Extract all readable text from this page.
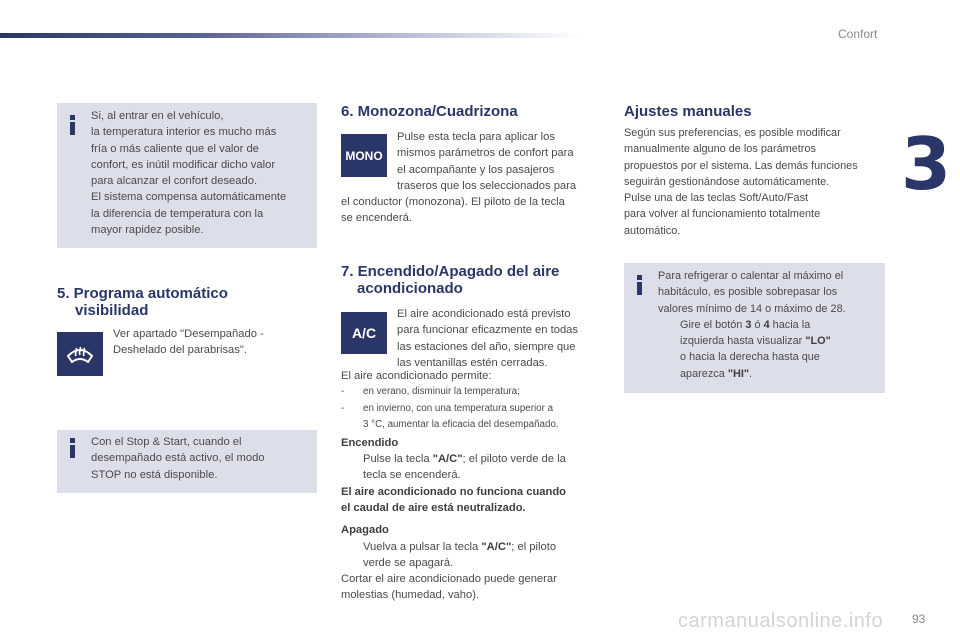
Confort
3

Si, al entrar en el vehículo,

la temperatura interior es mucho más

fría o más caliente que el valor de

confort, es inútil modificar dicho valor

para alcanzar el confort deseado.

El sistema compensa automáticamente

la diferencia de temperatura con la

mayor rapidez posible.

5. Programa automático
visibilidad

Ver apartado "Desempañado -

Deshelado del parabrisas".

Con el Stop & Start, cuando el

desempañado está activo, el modo

STOP no está disponible.

6. Monozona/Cuadrizona
MONO

Pulse esta tecla para aplicar los

mismos parámetros de confort para

el acompañante y los pasajeros

traseros que los seleccionados para

el conductor (monozona). El piloto de la tecla

se encenderá.

7. Encendido/Apagado del aire
acondicionado
A/C

El aire acondicionado está previsto

para funcionar eficazmente en todas

las estaciones del año, siempre que

las ventanillas estén cerradas.

El aire acondicionado permite:

- en verano, disminuir la temperatura;

- en invierno, con una temperatura superior a

3 °C, aumentar la eficacia del desempañado.

Encendido

Pulse la tecla "A/C"; el piloto verde de la

tecla se encenderá.

El aire acondicionado no funciona cuando

el caudal de aire está neutralizado.

Apagado

Vuelva a pulsar la tecla "A/C"; el piloto

verde se apagará.

Cortar el aire acondicionado puede generar

molestias (humedad, vaho).

Ajustes manuales

Según sus preferencias, es posible modificar

manualmente alguno de los parámetros

propuestos por el sistema. Las demás funciones

seguirán gestionándose automáticamente.

Pulse una de las teclas Soft/Auto/Fast

para volver al funcionamiento totalmente

automático.

Para refrigerar o calentar al máximo el

habitáculo, es posible sobrepasar los

valores mínimo de 14 o máximo de 28.

Gire el botón 3 ó 4 hacia la

izquierda hasta visualizar "LO"

o hacia la derecha hasta que

aparezca "HI".

carmanualsonline.info 93
